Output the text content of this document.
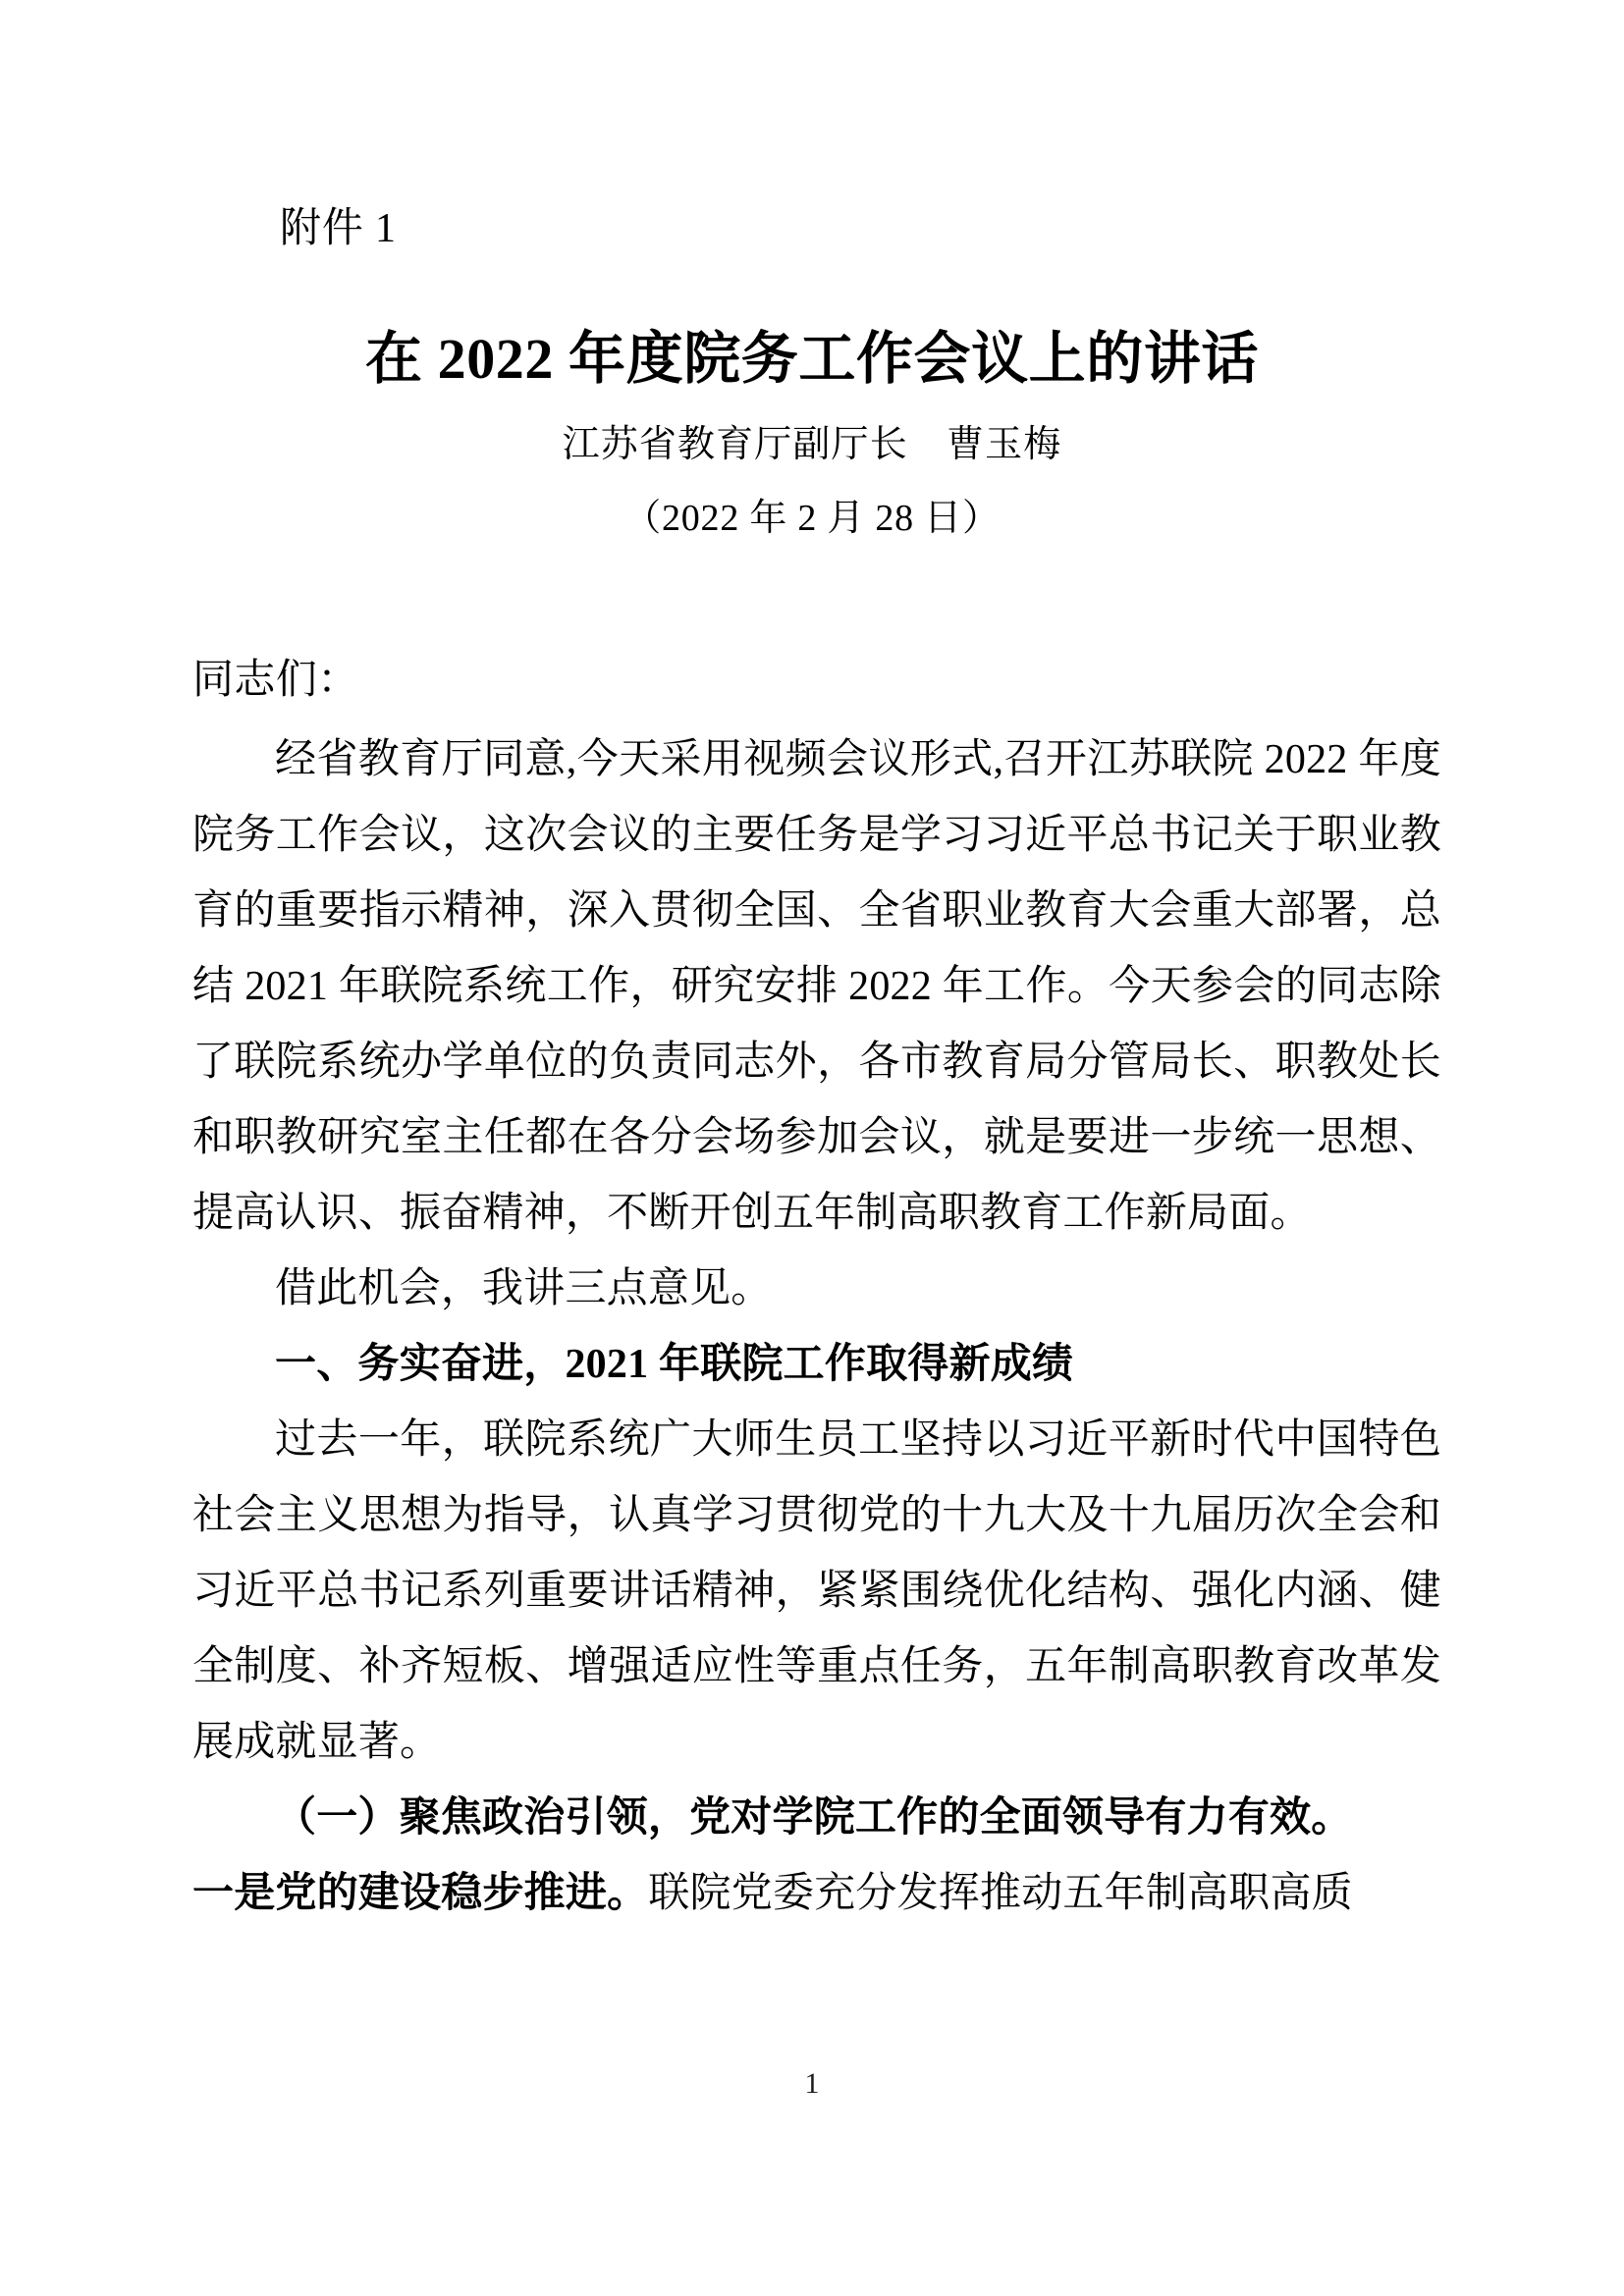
附件 1
在 2022 年度院务工作会议上的讲话
江苏省教育厅副厅长　曹玉梅
（2022 年 2 月 28 日）

同志们：

经省教育厅同意,今天采用视频会议形式,召开江苏联院 2022 年度院务工作会议，这次会议的主要任务是学习习近平总书记关于职业教育的重要指示精神，深入贯彻全国、全省职业教育大会重大部署，总结 2021 年联院系统工作，研究安排 2022 年工作。今天参会的同志除了联院系统办学单位的负责同志外，各市教育局分管局长、职教处长和职教研究室主任都在各分会场参加会议，就是要进一步统一思想、提高认识、振奋精神，不断开创五年制高职教育工作新局面。

借此机会，我讲三点意见。

一、务实奋进，2021 年联院工作取得新成绩

过去一年，联院系统广大师生员工坚持以习近平新时代中国特色社会主义思想为指导，认真学习贯彻党的十九大及十九届历次全会和习近平总书记系列重要讲话精神，紧紧围绕优化结构、强化内涵、健全制度、补齐短板、增强适应性等重点任务，五年制高职教育改革发展成就显著。

（一）聚焦政治引领，党对学院工作的全面领导有力有效。

一是党的建设稳步推进。联院党委充分发挥推动五年制高职高质

1
